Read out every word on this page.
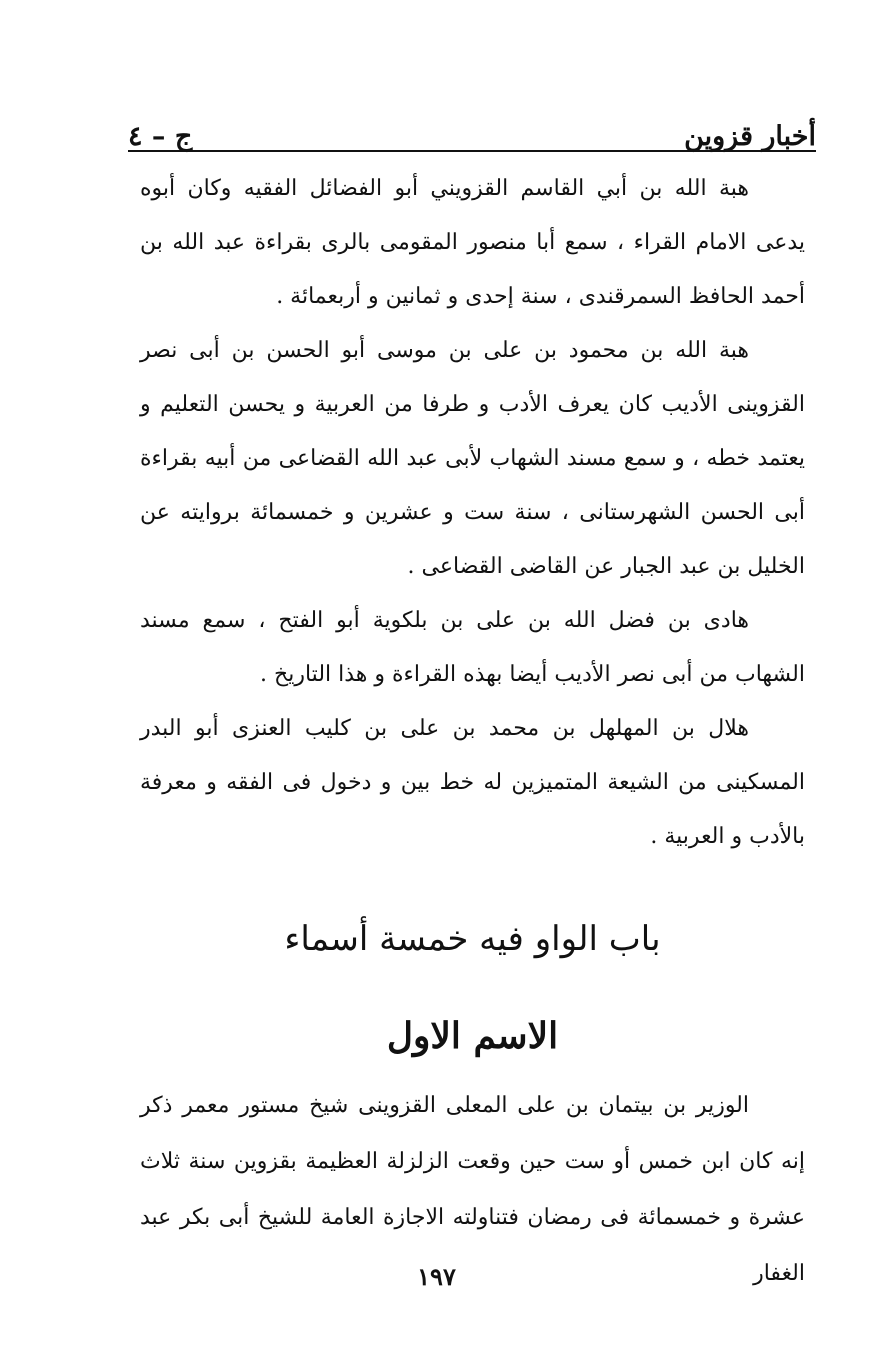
أخبار قزوين
ج – ٤

هبة الله بن أبي القاسم القزويني أبو الفضائل الفقيه وكان أبوه يدعى الامام القراء ، سمع أبا منصور المقومى بالرى بقراءة عبد الله بن أحمد الحافظ السمرقندى ، سنة إحدى و ثمانين و أربعمائة .

هبة الله بن محمود بن على بن موسى أبو الحسن بن أبى نصر القزوينى الأديب كان يعرف الأدب و طرفا من العربية و يحسن التعليم و يعتمد خطه ، و سمع مسند الشهاب لأبى عبد الله القضاعى من أبيه بقراءة أبى الحسن الشهرستانى ، سنة ست و عشرين و خمسمائة بروايته عن الخليل بن عبد الجبار عن القاضى القضاعى .

هادى بن فضل الله بن على بن بلكوية أبو الفتح ، سمع مسند الشهاب من أبى نصر الأديب أيضا بهذه القراءة و هذا التاريخ .

هلال بن المهلهل بن محمد بن على بن كليب العنزى أبو البدر المسكينى من الشيعة المتميزين له خط بين و دخول فى الفقه و معرفة بالأدب و العربية .

باب الواو فيه خمسة أسماء
الاسم الاول

الوزير بن بيتمان بن على المعلى القزوينى شيخ مستور معمر ذكر إنه كان ابن خمس أو ست حين وقعت الزلزلة العظيمة بقزوين سنة ثلاث عشرة و خمسمائة فى رمضان فتناولته الاجازة العامة للشيخ أبى بكر عبد الغفار

١٩٧
